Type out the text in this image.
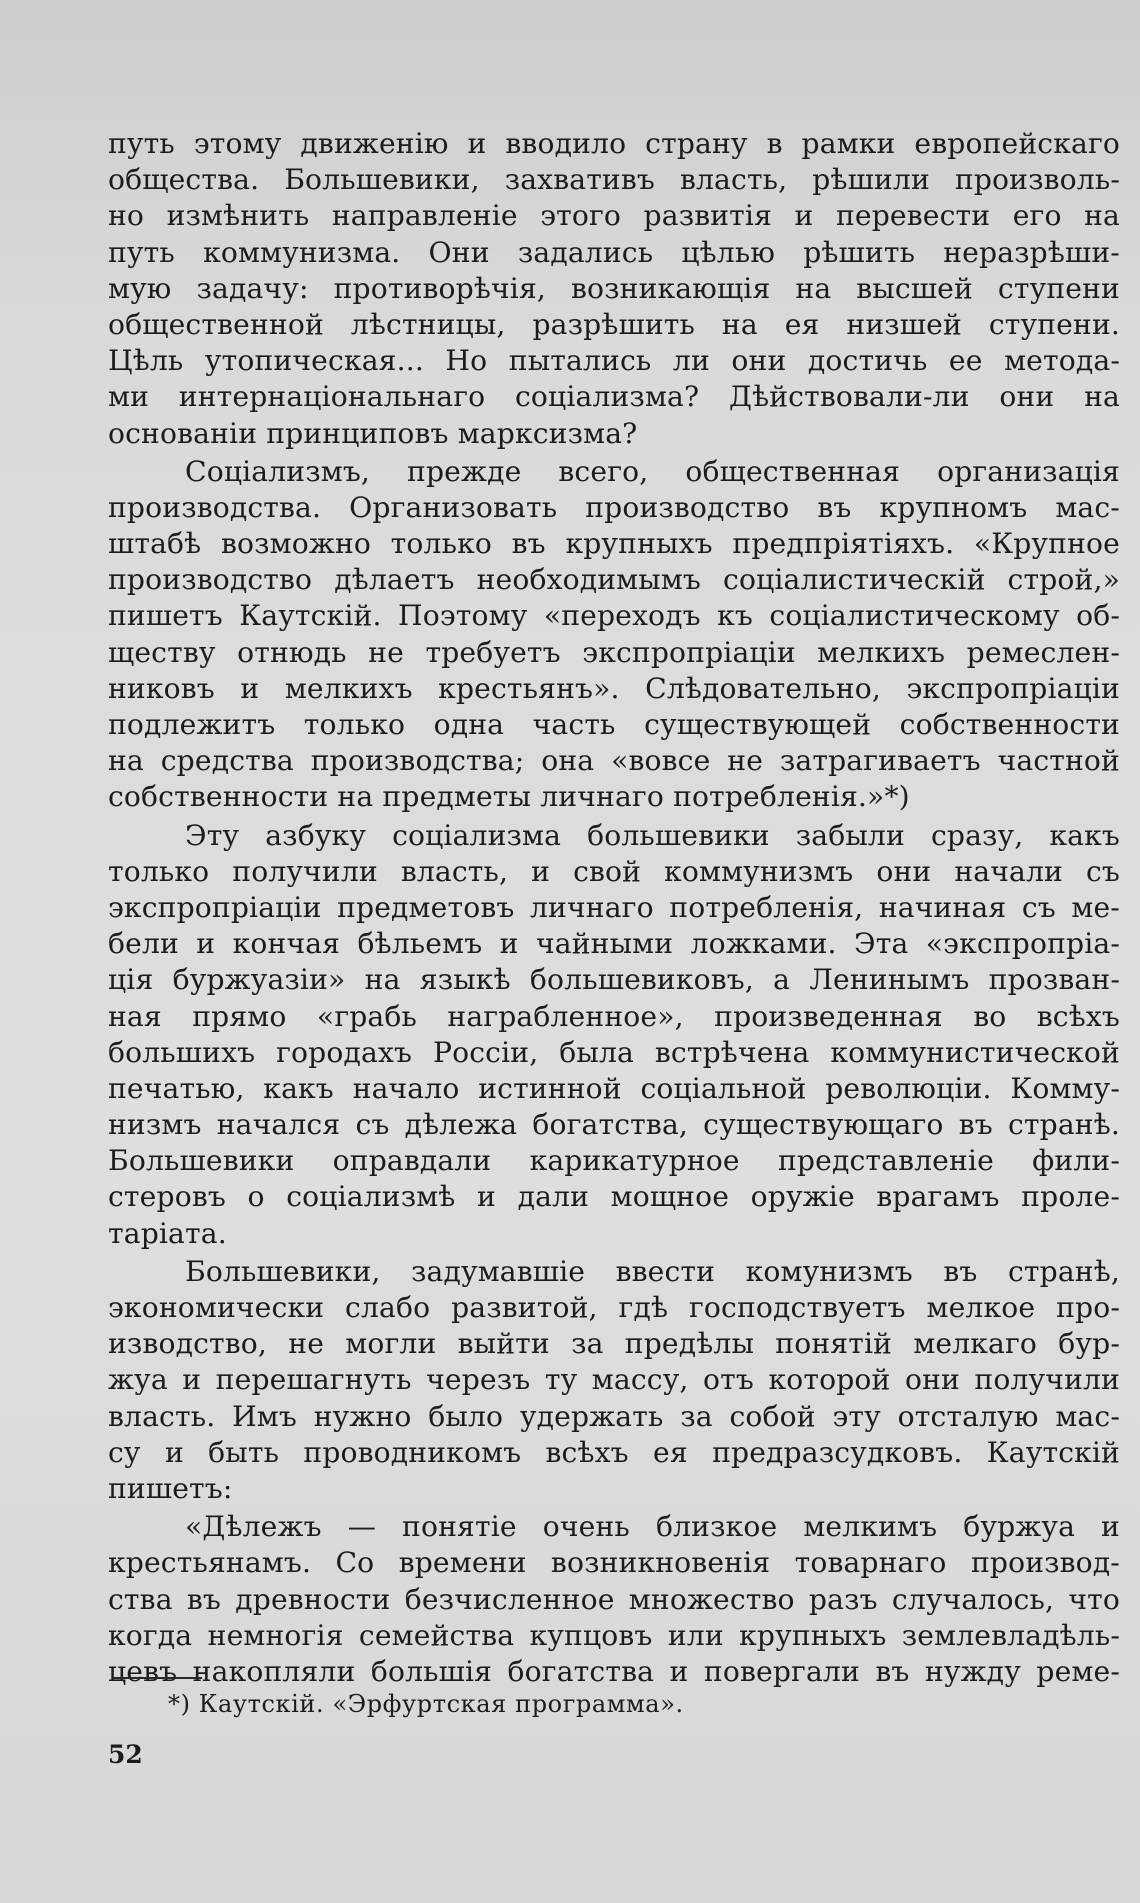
путь этому движенію и вводило страну в рамки европейскаго
общества. Большевики, захвативъ власть, рѣшили произволь-
но измѣнить направленіе этого развитія и перевести его на
путь коммунизма. Они задались цѣлью рѣшить неразрѣши-
мую задачу: противорѣчія, возникающія на высшей ступени
общественной лѣстницы, разрѣшить на ея низшей ступени.
Цѣль утопическая... Но пытались ли они достичь ее метода-
ми интернаціональнаго соціализма? Дѣйствовали-ли они на
основаніи принциповъ марксизма?
Соціализмъ, прежде всего, общественная организація
производства. Организовать производство въ крупномъ мас-
штабѣ возможно только въ крупныхъ предпріятіяхъ. «Крупное
производство дѣлаетъ необходимымъ соціалистическій строй,»
пишетъ Каутскій. Поэтому «переходъ къ соціалистическому об-
ществу отнюдь не требуетъ экспропріаціи мелкихъ ремеслен-
никовъ и мелкихъ крестьянъ». Слѣдовательно, экспропріаціи
подлежитъ только одна часть существующей собственности
на средства производства; она «вовсе не затрагиваетъ частной
собственности на предметы личнаго потребленія.»*)
Эту азбуку соціализма большевики забыли сразу, какъ
только получили власть, и свой коммунизмъ они начали съ
экспропріаціи предметовъ личнаго потребленія, начиная съ ме-
бели и кончая бѣльемъ и чайными ложками. Эта «экспропріа-
ція буржуазіи» на языкѣ большевиковъ, а Ленинымъ прозван-
ная прямо «грабь награбленное», произведенная во всѣхъ
большихъ городахъ Россіи, была встрѣчена коммунистической
печатью, какъ начало истинной соціальной революціи. Комму-
низмъ начался съ дѣлежа богатства, существующаго въ странѣ.
Большевики оправдали карикатурное представленіе фили-
стеровъ о соціализмѣ и дали мощное оружіе врагамъ проле-
таріата.
Большевики, задумавшіе ввести комунизмъ въ странѣ,
экономически слабо развитой, гдѣ господствуетъ мелкое про-
изводство, не могли выйти за предѣлы понятій мелкаго бур-
жуа и перешагнуть черезъ ту массу, отъ которой они получили
власть. Имъ нужно было удержать за собой эту отсталую мас-
су и быть проводникомъ всѣхъ ея предразсудковъ. Каутскій
пишетъ:
«Дѣлежъ — понятіе очень близкое мелкимъ буржуа и
крестьянамъ. Со времени возникновенія товарнаго производ-
ства въ древности безчисленное множество разъ случалось, что
когда немногія семейства купцовъ или крупныхъ землевладѣль-
цевъ накопляли большія богатства и повергали въ нужду реме-
*) Каутскій. «Эрфуртская программа».
52
